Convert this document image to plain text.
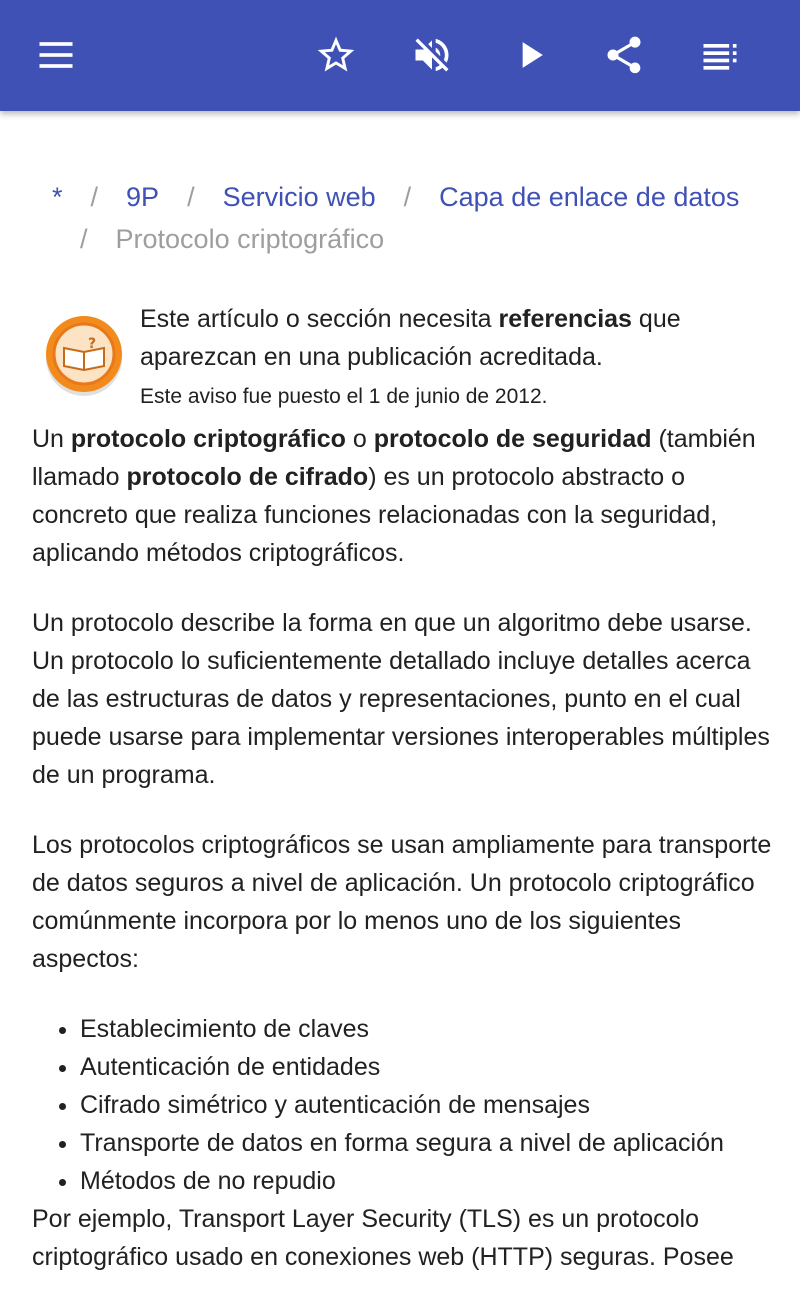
* / 9P / Servicio web / Capa de enlace de datos
/ Protocolo criptográfico
?
Este artículo o sección necesita referencias que aparezcan en una publicación acreditada.
Este aviso fue puesto el 1 de junio de 2012.

Un protocolo criptográfico o protocolo de seguridad (también llamado protocolo de cifrado) es un protocolo abstracto o concreto que realiza funciones relacionadas con la seguridad, aplicando métodos criptográficos.

Un protocolo describe la forma en que un algoritmo debe usarse. Un protocolo lo suficientemente detallado incluye detalles acerca de las estructuras de datos y representaciones, punto en el cual puede usarse para implementar versiones interoperables múltiples de un programa.

Los protocolos criptográficos se usan ampliamente para transporte de datos seguros a nivel de aplicación. Un protocolo criptográfico comúnmente incorpora por lo menos uno de los siguientes aspectos:

• Establecimiento de claves
• Autenticación de entidades
• Cifrado simétrico y autenticación de mensajes
• Transporte de datos en forma segura a nivel de aplicación
• Métodos de no repudio

Por ejemplo, Transport Layer Security (TLS) es un protocolo criptográfico usado en conexiones web (HTTP) seguras. Posee
